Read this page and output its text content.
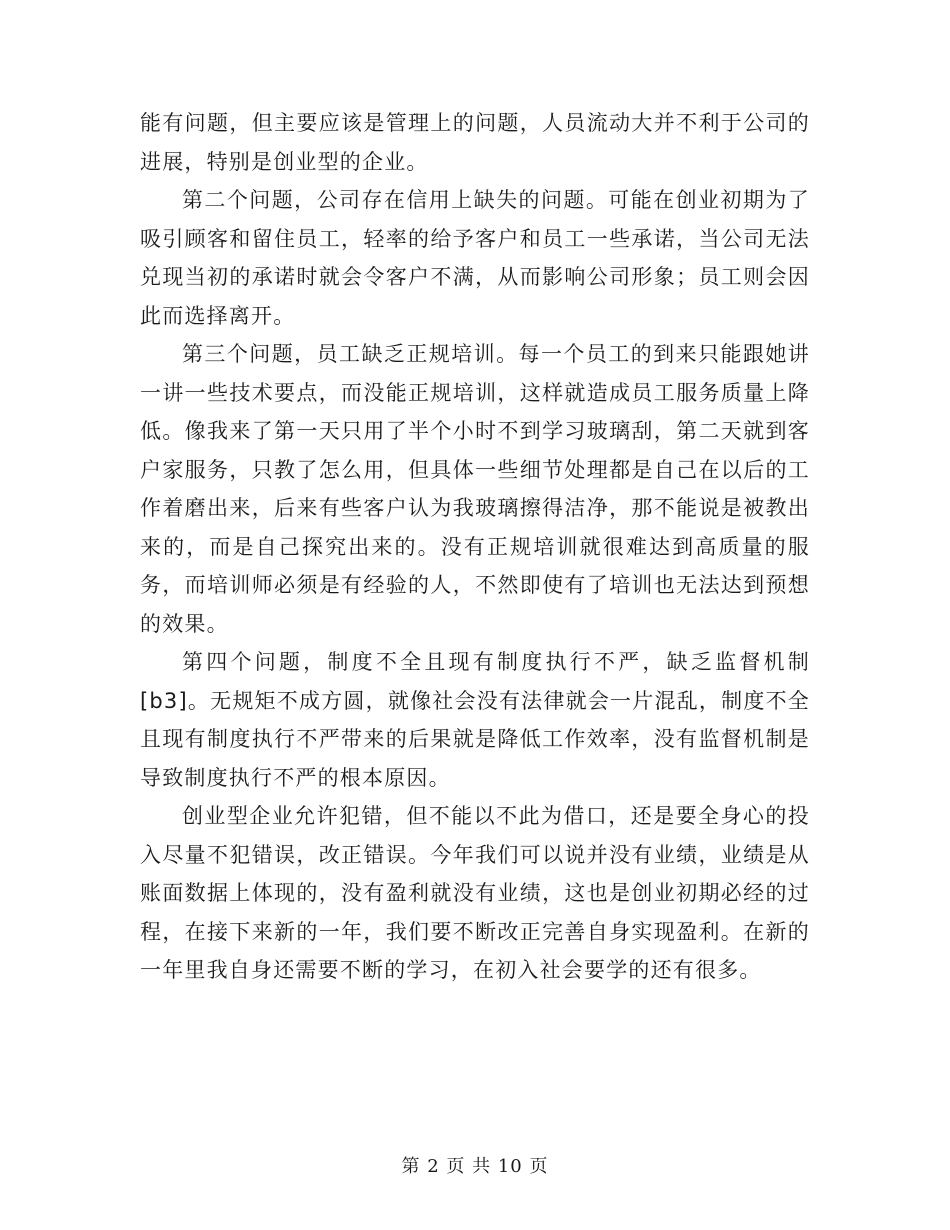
能有问题，但主要应该是管理上的问题，人员流动大并不利于公司的进展，特别是创业型的企业。

第二个问题，公司存在信用上缺失的问题。可能在创业初期为了吸引顾客和留住员工，轻率的给予客户和员工一些承诺，当公司无法兑现当初的承诺时就会令客户不满，从而影响公司形象；员工则会因此而选择离开。

第三个问题，员工缺乏正规培训。每一个员工的到来只能跟她讲一讲一些技术要点，而没能正规培训，这样就造成员工服务质量上降低。像我来了第一天只用了半个小时不到学习玻璃刮，第二天就到客户家服务，只教了怎么用，但具体一些细节处理都是自己在以后的工作着磨出来，后来有些客户认为我玻璃擦得洁净，那不能说是被教出来的，而是自己探究出来的。没有正规培训就很难达到高质量的服务，而培训师必须是有经验的人，不然即使有了培训也无法达到预想的效果。

第四个问题，制度不全且现有制度执行不严，缺乏监督机制[b3]。无规矩不成方圆，就像社会没有法律就会一片混乱，制度不全且现有制度执行不严带来的后果就是降低工作效率，没有监督机制是导致制度执行不严的根本原因。

创业型企业允许犯错，但不能以不此为借口，还是要全身心的投入尽量不犯错误，改正错误。今年我们可以说并没有业绩，业绩是从账面数据上体现的，没有盈利就没有业绩，这也是创业初期必经的过程，在接下来新的一年，我们要不断改正完善自身实现盈利。在新的一年里我自身还需要不断的学习，在初入社会要学的还有很多。

第 2 页 共 10 页
